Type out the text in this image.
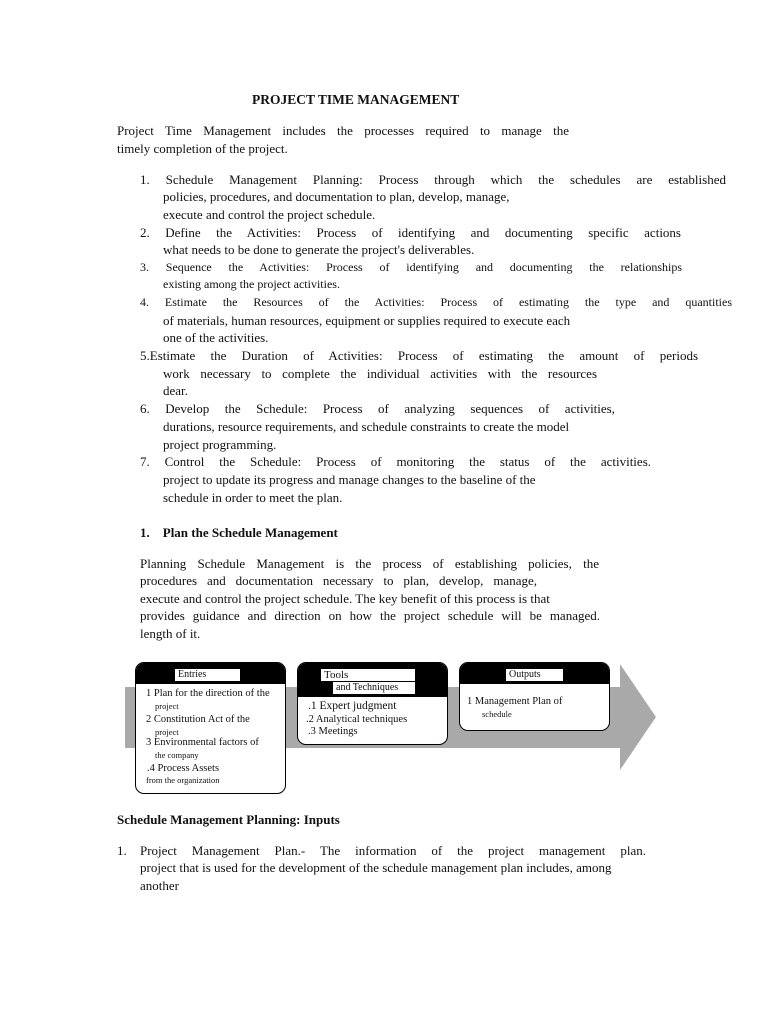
PROJECT TIME MANAGEMENT
Project Time Management includes the processes required to manage the
timely completion of the project.
1. Schedule Management Planning: Process through which the schedules are established
policies, procedures, and documentation to plan, develop, manage,
execute and control the project schedule.
2. Define the Activities: Process of identifying and documenting specific actions
what needs to be done to generate the project's deliverables.
3. Sequence the Activities: Process of identifying and documenting the relationships
existing among the project activities.
4. Estimate the Resources of the Activities: Process of estimating the type and quantities
of materials, human resources, equipment or supplies required to execute each
one of the activities.
5.Estimate the Duration of Activities: Process of estimating the amount of periods
work necessary to complete the individual activities with the resources
dear.
6. Develop the Schedule: Process of analyzing sequences of activities,
durations, resource requirements, and schedule constraints to create the model
project programming.
7. Control the Schedule: Process of monitoring the status of the activities.
project to update its progress and manage changes to the baseline of the
schedule in order to meet the plan.
1.    Plan the Schedule Management
Planning Schedule Management is the process of establishing policies, the
procedures and documentation necessary to plan, develop, manage,
execute and control the project schedule. The key benefit of this process is that
provides guidance and direction on how the project schedule will be managed.
length of it.
Entries
1 Plan for the direction of the
project
2 Constitution Act of the
project
3 Environmental factors of
the company
.4 Process Assets
from the organization
Tools
and Techniques
.1 Expert judgment
.2 Analytical techniques
.3 Meetings
Outputs
1 Management Plan of
schedule
Schedule Management Planning: Inputs
1. Project Management Plan.- The information of the project management plan.
project that is used for the development of the schedule management plan includes, among
another
